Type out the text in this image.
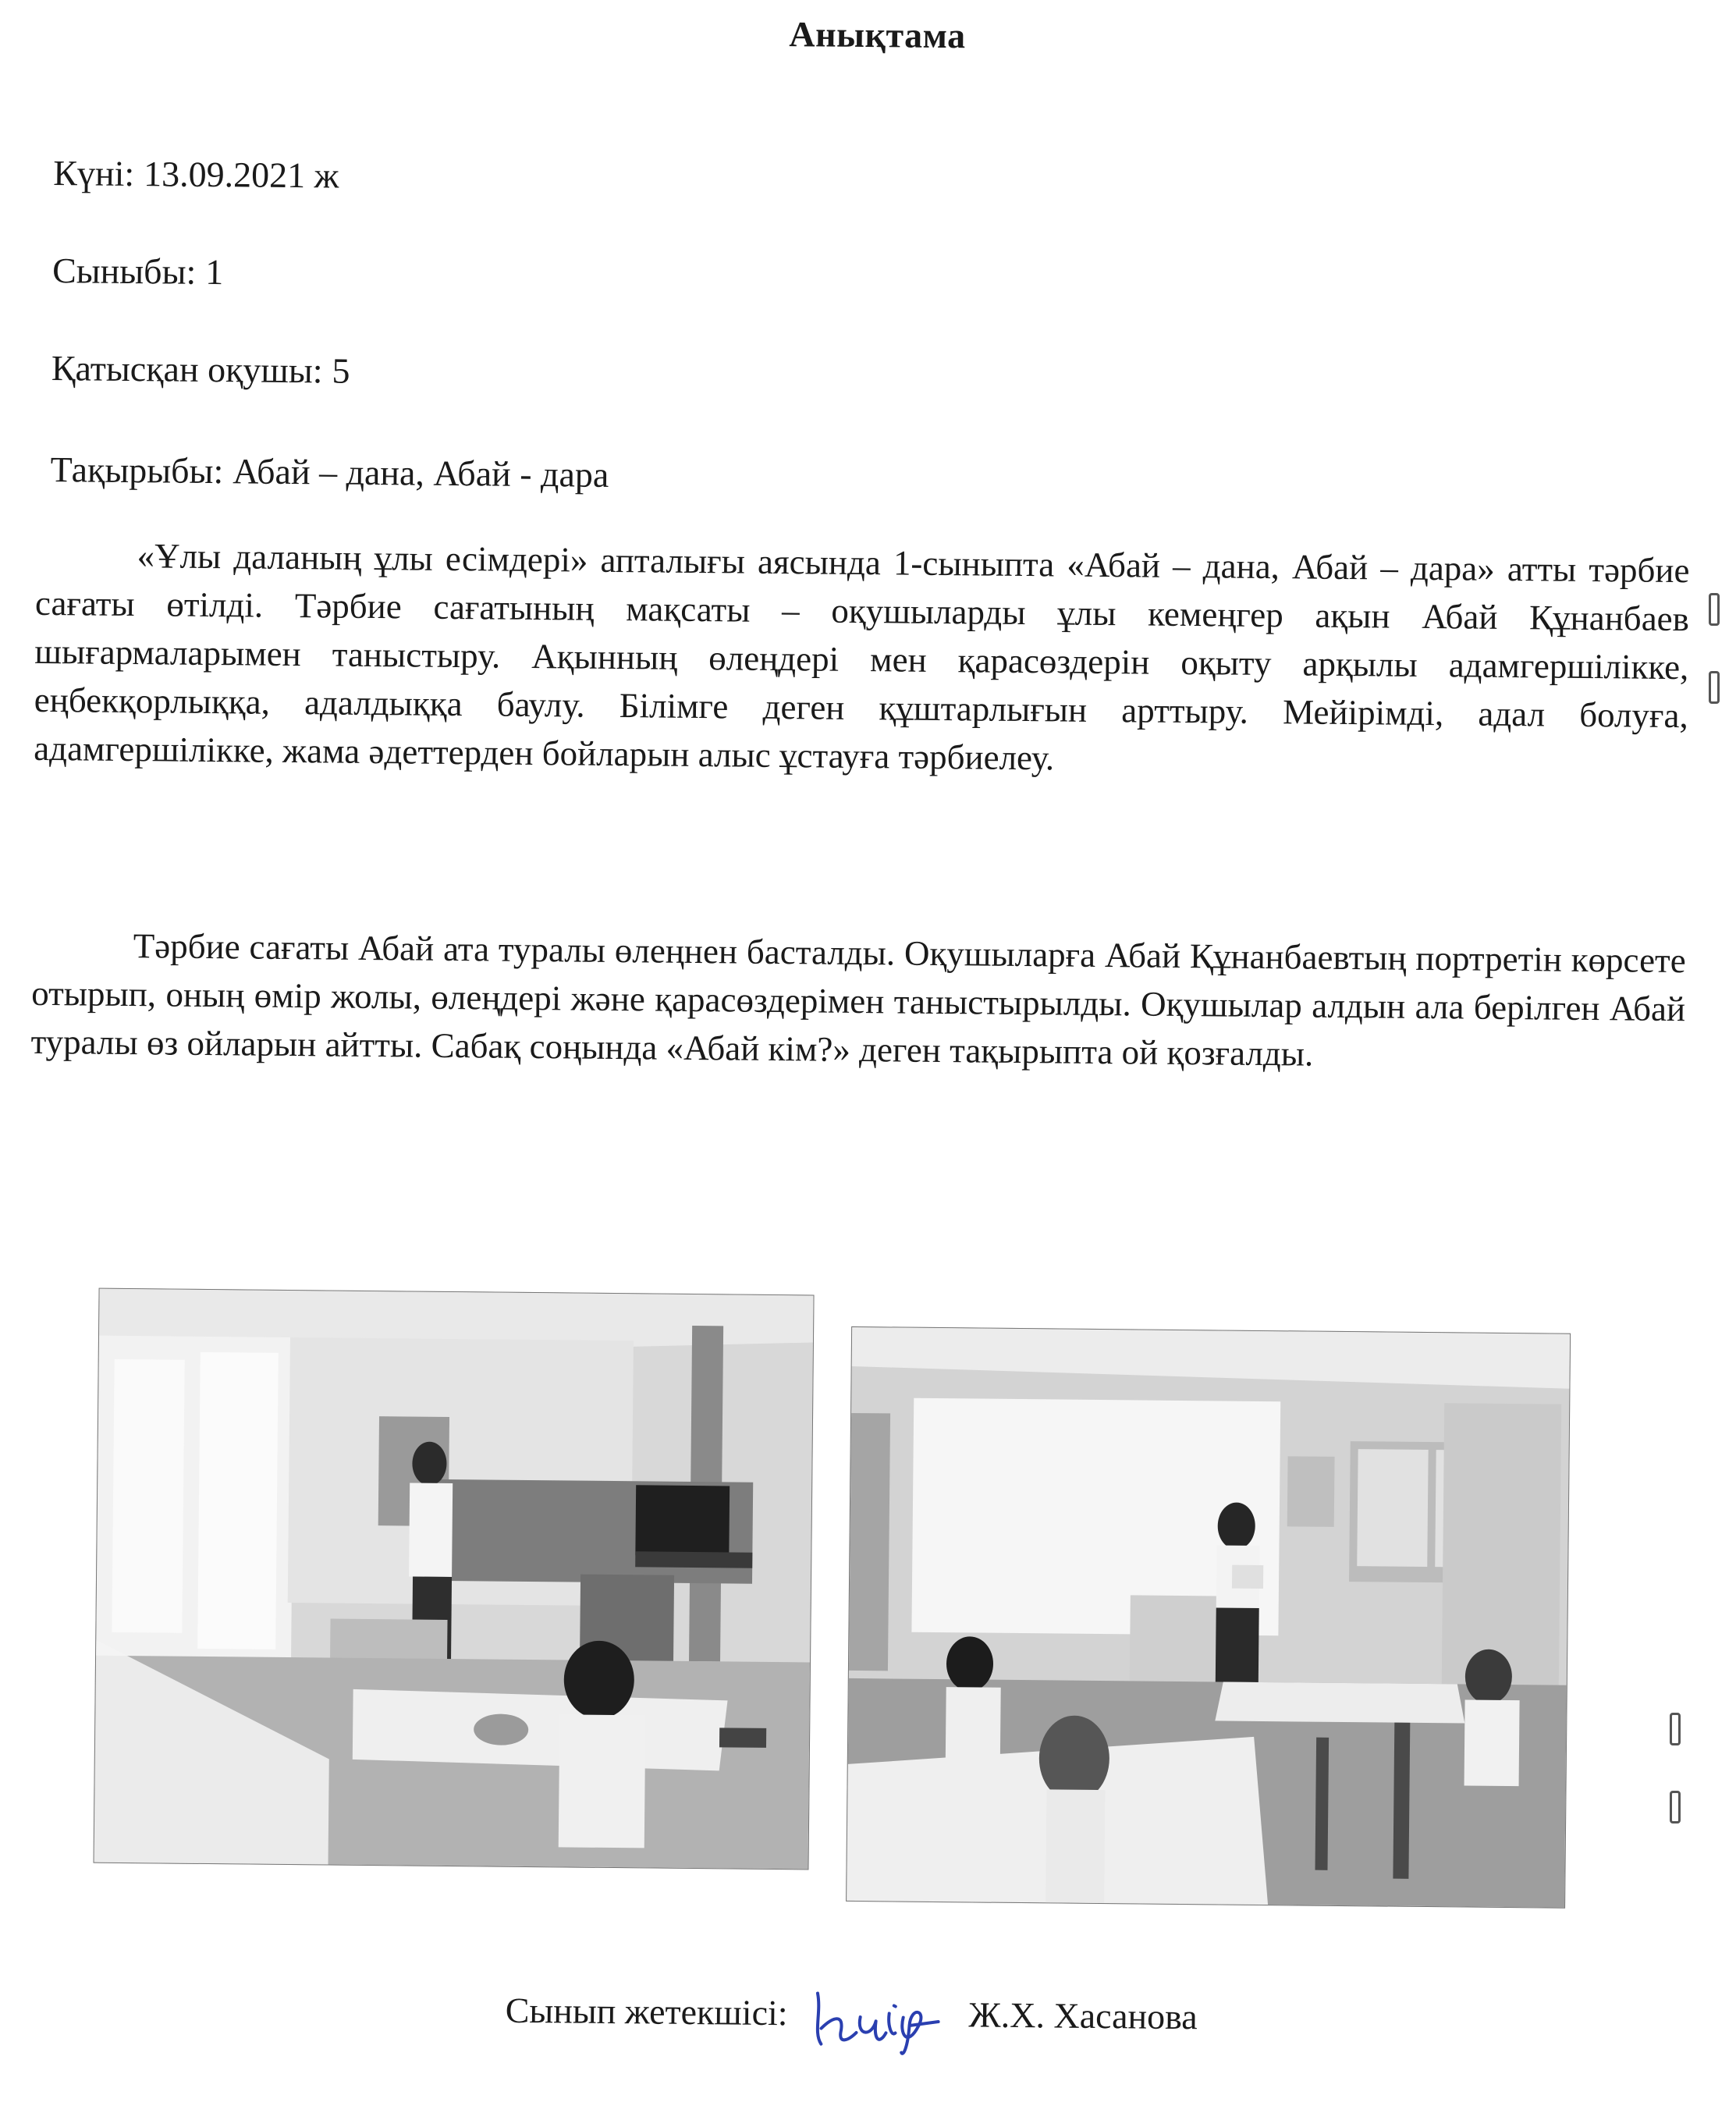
Анықтама
Күні: 13.09.2021 ж
Сыныбы: 1
Қатысқан оқушы: 5
Тақырыбы: Абай – дана, Абай - дара
«Ұлы даланың ұлы есімдері» апталығы аясында 1-сыныпта «Абай – дана, Абай – дара» атты тәрбие сағаты өтілді. Тәрбие сағатының мақсаты – оқушыларды ұлы кемеңгер ақын Абай Құнанбаев шығармаларымен таныстыру. Ақынның өлеңдері мен қарасөздерін оқыту арқылы адамгершілікке, еңбекқорлыққа, адалдыққа баулу. Білімге деген құштарлығын арттыру. Мейірімді, адал болуға, адамгершілікке, жама әдеттерден бойларын алыс ұстауға тәрбиелеу.
Тәрбие сағаты Абай ата туралы өлеңнен басталды. Оқушыларға Абай Құнанбаевтың портретін көрсете отырып, оның өмір жолы, өлеңдері және қарасөздерімен таныстырылды. Оқушылар алдын ала берілген Абай туралы өз ойларын айтты. Сабақ соңында «Абай кім?» деген тақырыпта ой қозғалды.
Сынып жетекшісі:	Ж.Х. Хасанова
